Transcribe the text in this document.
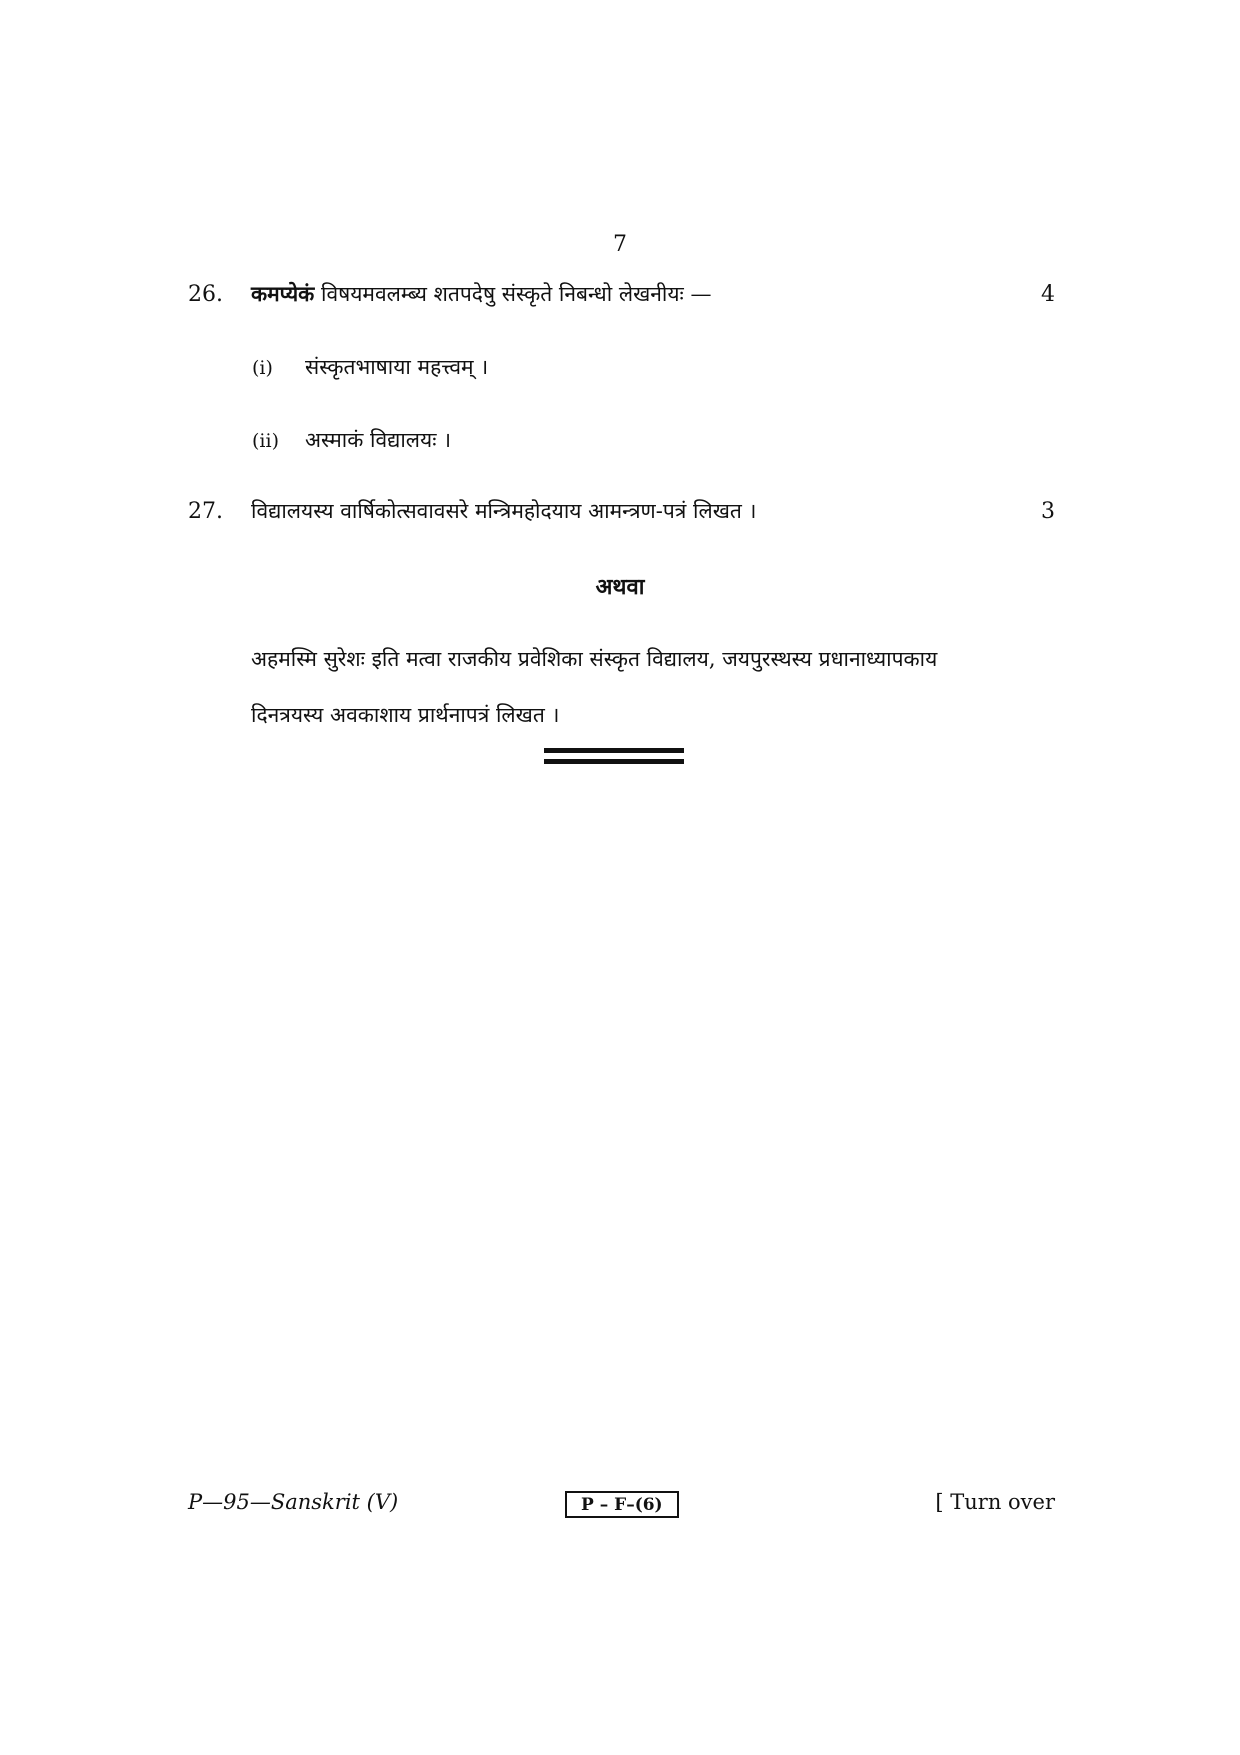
7
26. कमप्येकं विषयमवलम्ब्य शतपदेषु संस्कृते निबन्धो लेखनीयः —	4
(i) संस्कृतभाषाया महत्त्वम् ।
(ii) अस्माकं विद्यालयः ।
27. विद्यालयस्य वार्षिकोत्सवावसरे मन्त्रिमहोदयाय आमन्त्रण-पत्रं लिखत ।	3
अथवा
अहमस्मि सुरेशः इति मत्वा राजकीय प्रवेशिका संस्कृत विद्यालय, जयपुरस्थस्य प्रधानाध्यापकाय
दिनत्रयस्य अवकाशाय प्रार्थनापत्रं लिखत ।
P—95—Sanskrit (V)	P – F–(6)	[ Turn over
